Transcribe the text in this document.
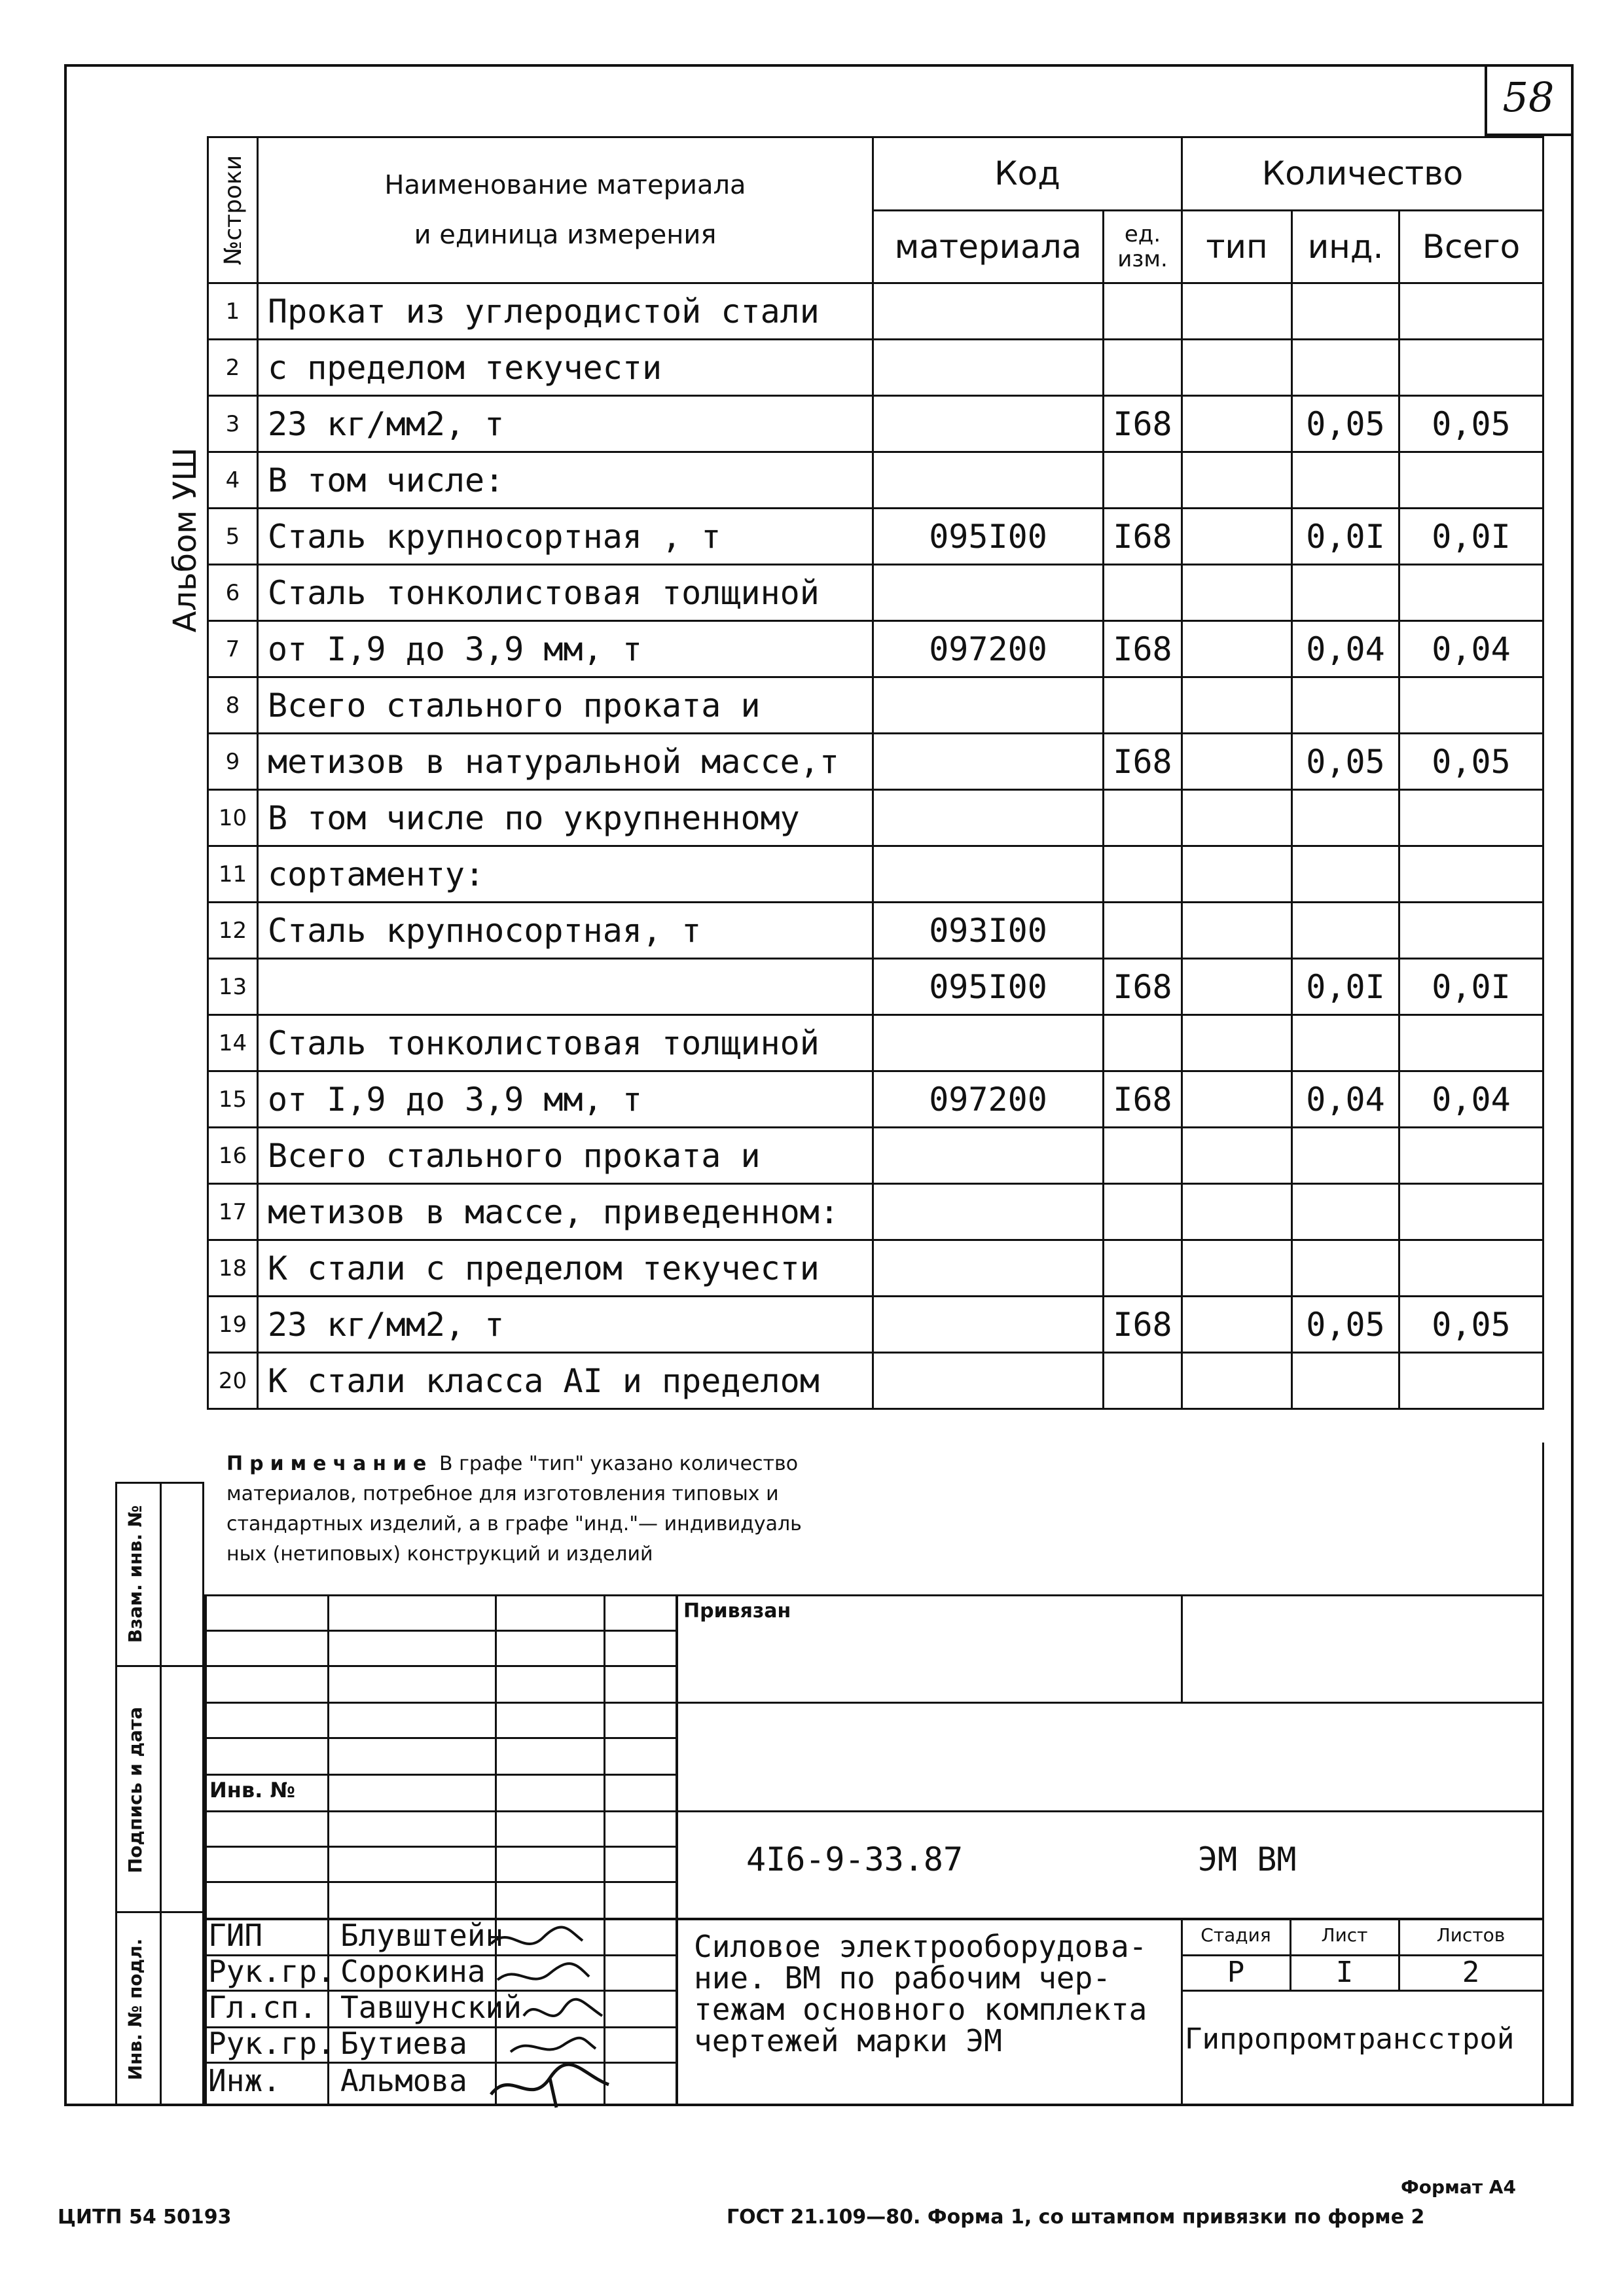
58
Альбом УШ
№строки	Наименование материала
и единица измерения	Код		Количество		
		материала	ед. изм.	тип	инд.	Всего
1	Прокат из углеродистой стали					
2	с пределом текучести					
3	23 кг/мм2, т		I68		0,05	0,05
4	В том числе:					
5	Сталь крупносортная , т	095I00	I68		0,0I	0,0I
6	Сталь тонколистовая толщиной					
7	от I,9 до 3,9 мм, т	097200	I68		0,04	0,04
8	Всего стального проката и					
9	метизов в натуральной массе,т		I68		0,05	0,05
10	В том числе по укрупненному					
11	сортаменту:					
12	Сталь крупносортная, т	093I00				
13		095I00	I68		0,0I	0,0I
14	Сталь тонколистовая толщиной					
15	от I,9 до 3,9 мм, т	097200	I68		0,04	0,04
16	Всего стального проката и					
17	метизов в массе, приведенном:					
18	К стали с пределом текучести					
19	23 кг/мм2, т		I68		0,05	0,05
20	К стали класса АI и пределом					
Примечание В графе "тип" указано количество
материалов, потребное для изготовления типовых и
стандартных изделий, а в графе "инд."— индивидуаль
ных (нетиповых) конструкций и изделий
Взам. инв. №
Подпись и дата
Инв. № подл.
Привязан
Инв. №
4I6-9-33.87	ЭМ ВМ
Силовое электрооборудова-
ние. ВМ по рабочим чер-
тежам основного комплекта
чертежей марки ЭМ
Стадия	Лист	Листов
Р	I	2
Гипропромтрансстрой
ГИП	Блувштейн
Рук.гр. Сорокина
Гл.сп. Тавшунский
Рук.гр. Бутиева
Инж. Альмова
ЦИТП 54 50193
Формат А4
ГОСТ 21.109—80. Форма 1, со штампом привязки по форме 2
